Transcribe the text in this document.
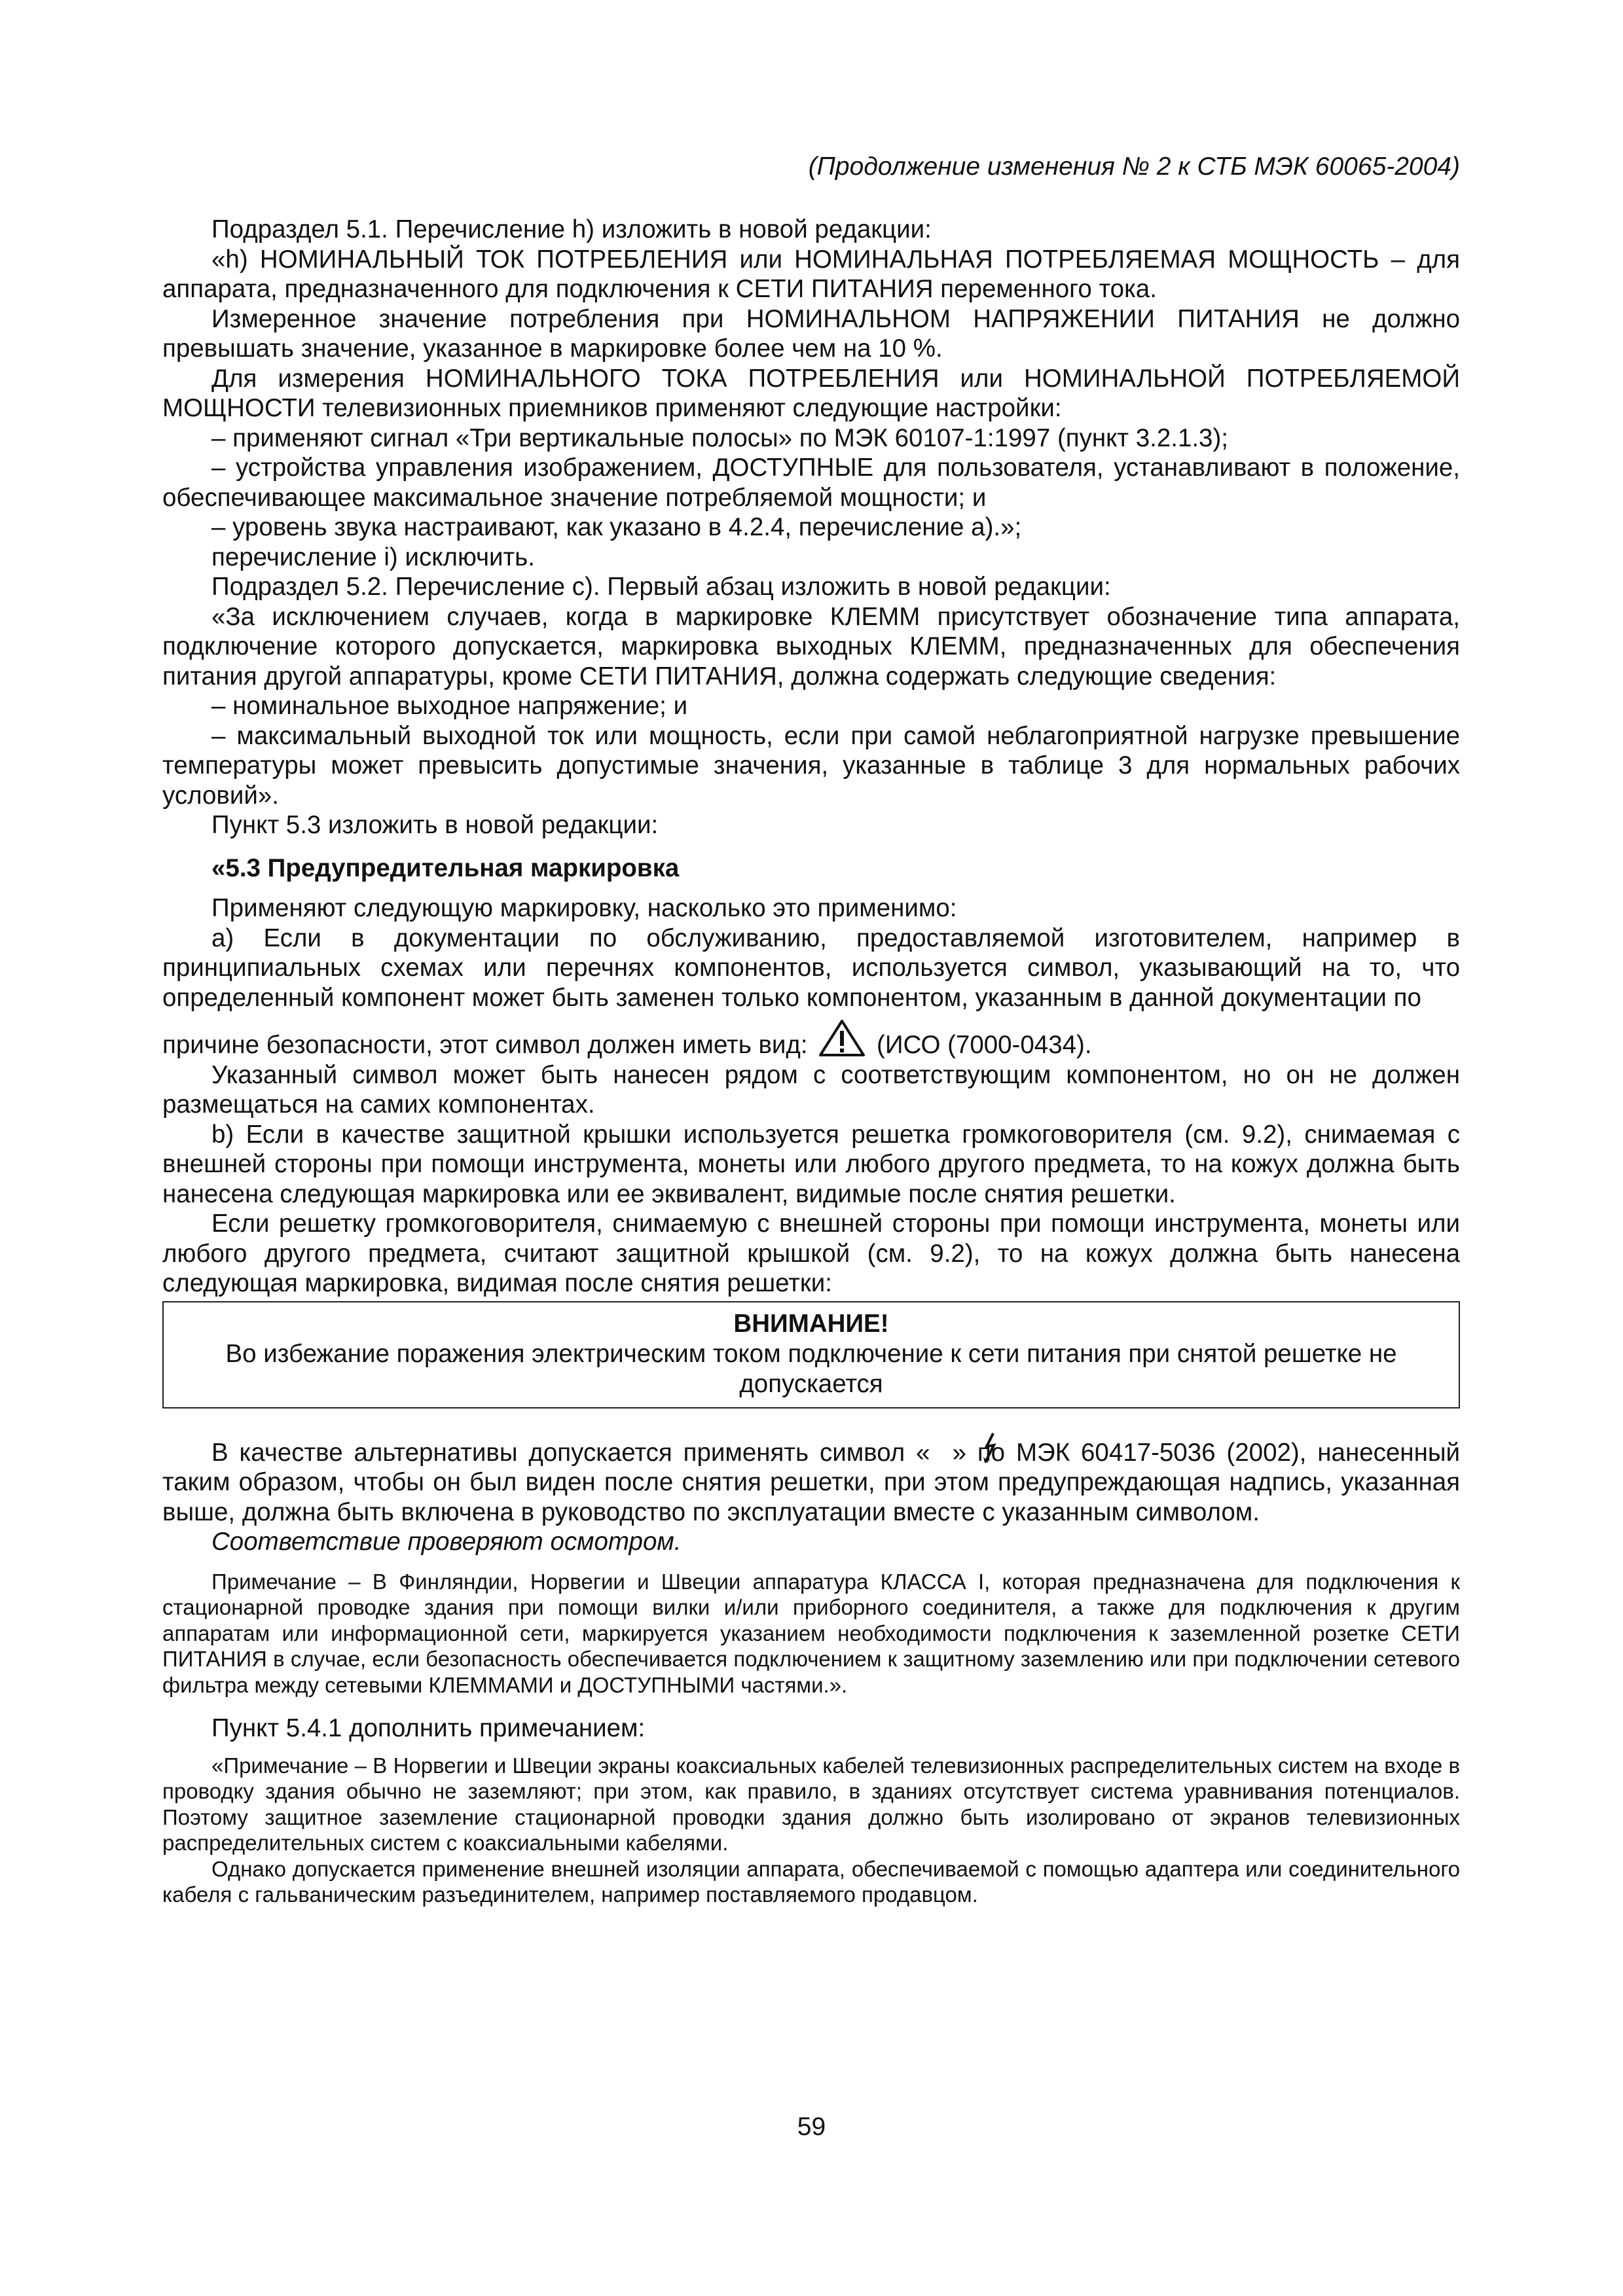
(Продолжение изменения № 2 к СТБ МЭК 60065-2004)

Подраздел 5.1. Перечисление h) изложить в новой редакции:

«h) НОМИНАЛЬНЫЙ ТОК ПОТРЕБЛЕНИЯ или НОМИНАЛЬНАЯ ПОТРЕБЛЯЕМАЯ МОЩНОСТЬ – для аппарата, предназначенного для подключения к СЕТИ ПИТАНИЯ переменного тока.

Измеренное значение потребления при НОМИНАЛЬНОМ НАПРЯЖЕНИИ ПИТАНИЯ не должно превышать значение, указанное в маркировке более чем на 10 %.

Для измерения НОМИНАЛЬНОГО ТОКА ПОТРЕБЛЕНИЯ или НОМИНАЛЬНОЙ ПОТРЕБЛЯЕМОЙ МОЩНОСТИ телевизионных приемников применяют следующие настройки:

– применяют сигнал «Три вертикальные полосы» по МЭК 60107-1:1997 (пункт 3.2.1.3);

– устройства управления изображением, ДОСТУПНЫЕ для пользователя, устанавливают в положение, обеспечивающее максимальное значение потребляемой мощности; и

– уровень звука настраивают, как указано в 4.2.4, перечисление а).»;

перечисление i) исключить.

Подраздел 5.2. Перечисление с). Первый абзац изложить в новой редакции:

«За исключением случаев, когда в маркировке КЛЕММ присутствует обозначение типа аппарата, подключение которого допускается, маркировка выходных КЛЕММ, предназначенных для обеспечения питания другой аппаратуры, кроме СЕТИ ПИТАНИЯ, должна содержать следующие сведения:

– номинальное выходное напряжение; и

– максимальный выходной ток или мощность, если при самой неблагоприятной нагрузке превышение температуры может превысить допустимые значения, указанные в таблице 3 для нормальных рабочих условий».

Пункт 5.3 изложить в новой редакции:

«5.3 Предупредительная маркировка

Применяют следующую маркировку, насколько это применимо:

а) Если в документации по обслуживанию, предоставляемой изготовителем, например в принципиальных схемах или перечнях компонентов, используется символ, указывающий на то, что определенный компонент может быть заменен только компонентом, указанным в данной документации по

причине безопасности, этот символ должен иметь вид:
(ИСО (7000-0434).

Указанный символ может быть нанесен рядом с соответствующим компонентом, но он не должен размещаться на самих компонентах.

b) Если в качестве защитной крышки используется решетка громкоговорителя (см. 9.2), снимаемая с внешней стороны при помощи инструмента, монеты или любого другого предмета, то на кожух должна быть нанесена следующая маркировка или ее эквивалент, видимые после снятия решетки.

Если решетку громкоговорителя, снимаемую с внешней стороны при помощи инструмента, монеты или любого другого предмета, считают защитной крышкой (см. 9.2), то на кожух должна быть нанесена следующая маркировка, видимая после снятия решетки:

ВНИМАНИЕ!
Во избежание поражения электрическим током подключение к сети питания при снятой решетке не допускается

В качестве альтернативы допускается применять символ « » по МЭК 60417-5036 (2002), нанесенный таким образом, чтобы он был виден после снятия решетки, при этом предупреждающая надпись, указанная выше, должна быть включена в руководство по эксплуатации вместе с указанным символом.

Соответствие проверяют осмотром.

Примечание – В Финляндии, Норвегии и Швеции аппаратура КЛАССА I, которая предназначена для подключения к стационарной проводке здания при помощи вилки и/или приборного соединителя, а также для подключения к другим аппаратам или информационной сети, маркируется указанием необходимости подключения к заземленной розетке СЕТИ ПИТАНИЯ в случае, если безопасность обеспечивается подключением к защитному заземлению или при подключении сетевого фильтра между сетевыми КЛЕММАМИ и ДОСТУПНЫМИ частями.».

Пункт 5.4.1 дополнить примечанием:

«Примечание – В Норвегии и Швеции экраны коаксиальных кабелей телевизионных распределительных систем на входе в проводку здания обычно не заземляют; при этом, как правило, в зданиях отсутствует система уравнивания потенциалов. Поэтому защитное заземление стационарной проводки здания должно быть изолировано от экранов телевизионных распределительных систем с коаксиальными кабелями.

Однако допускается применение внешней изоляции аппарата, обеспечиваемой с помощью адаптера или соединительного кабеля с гальваническим разъединителем, например поставляемого продавцом.

59
